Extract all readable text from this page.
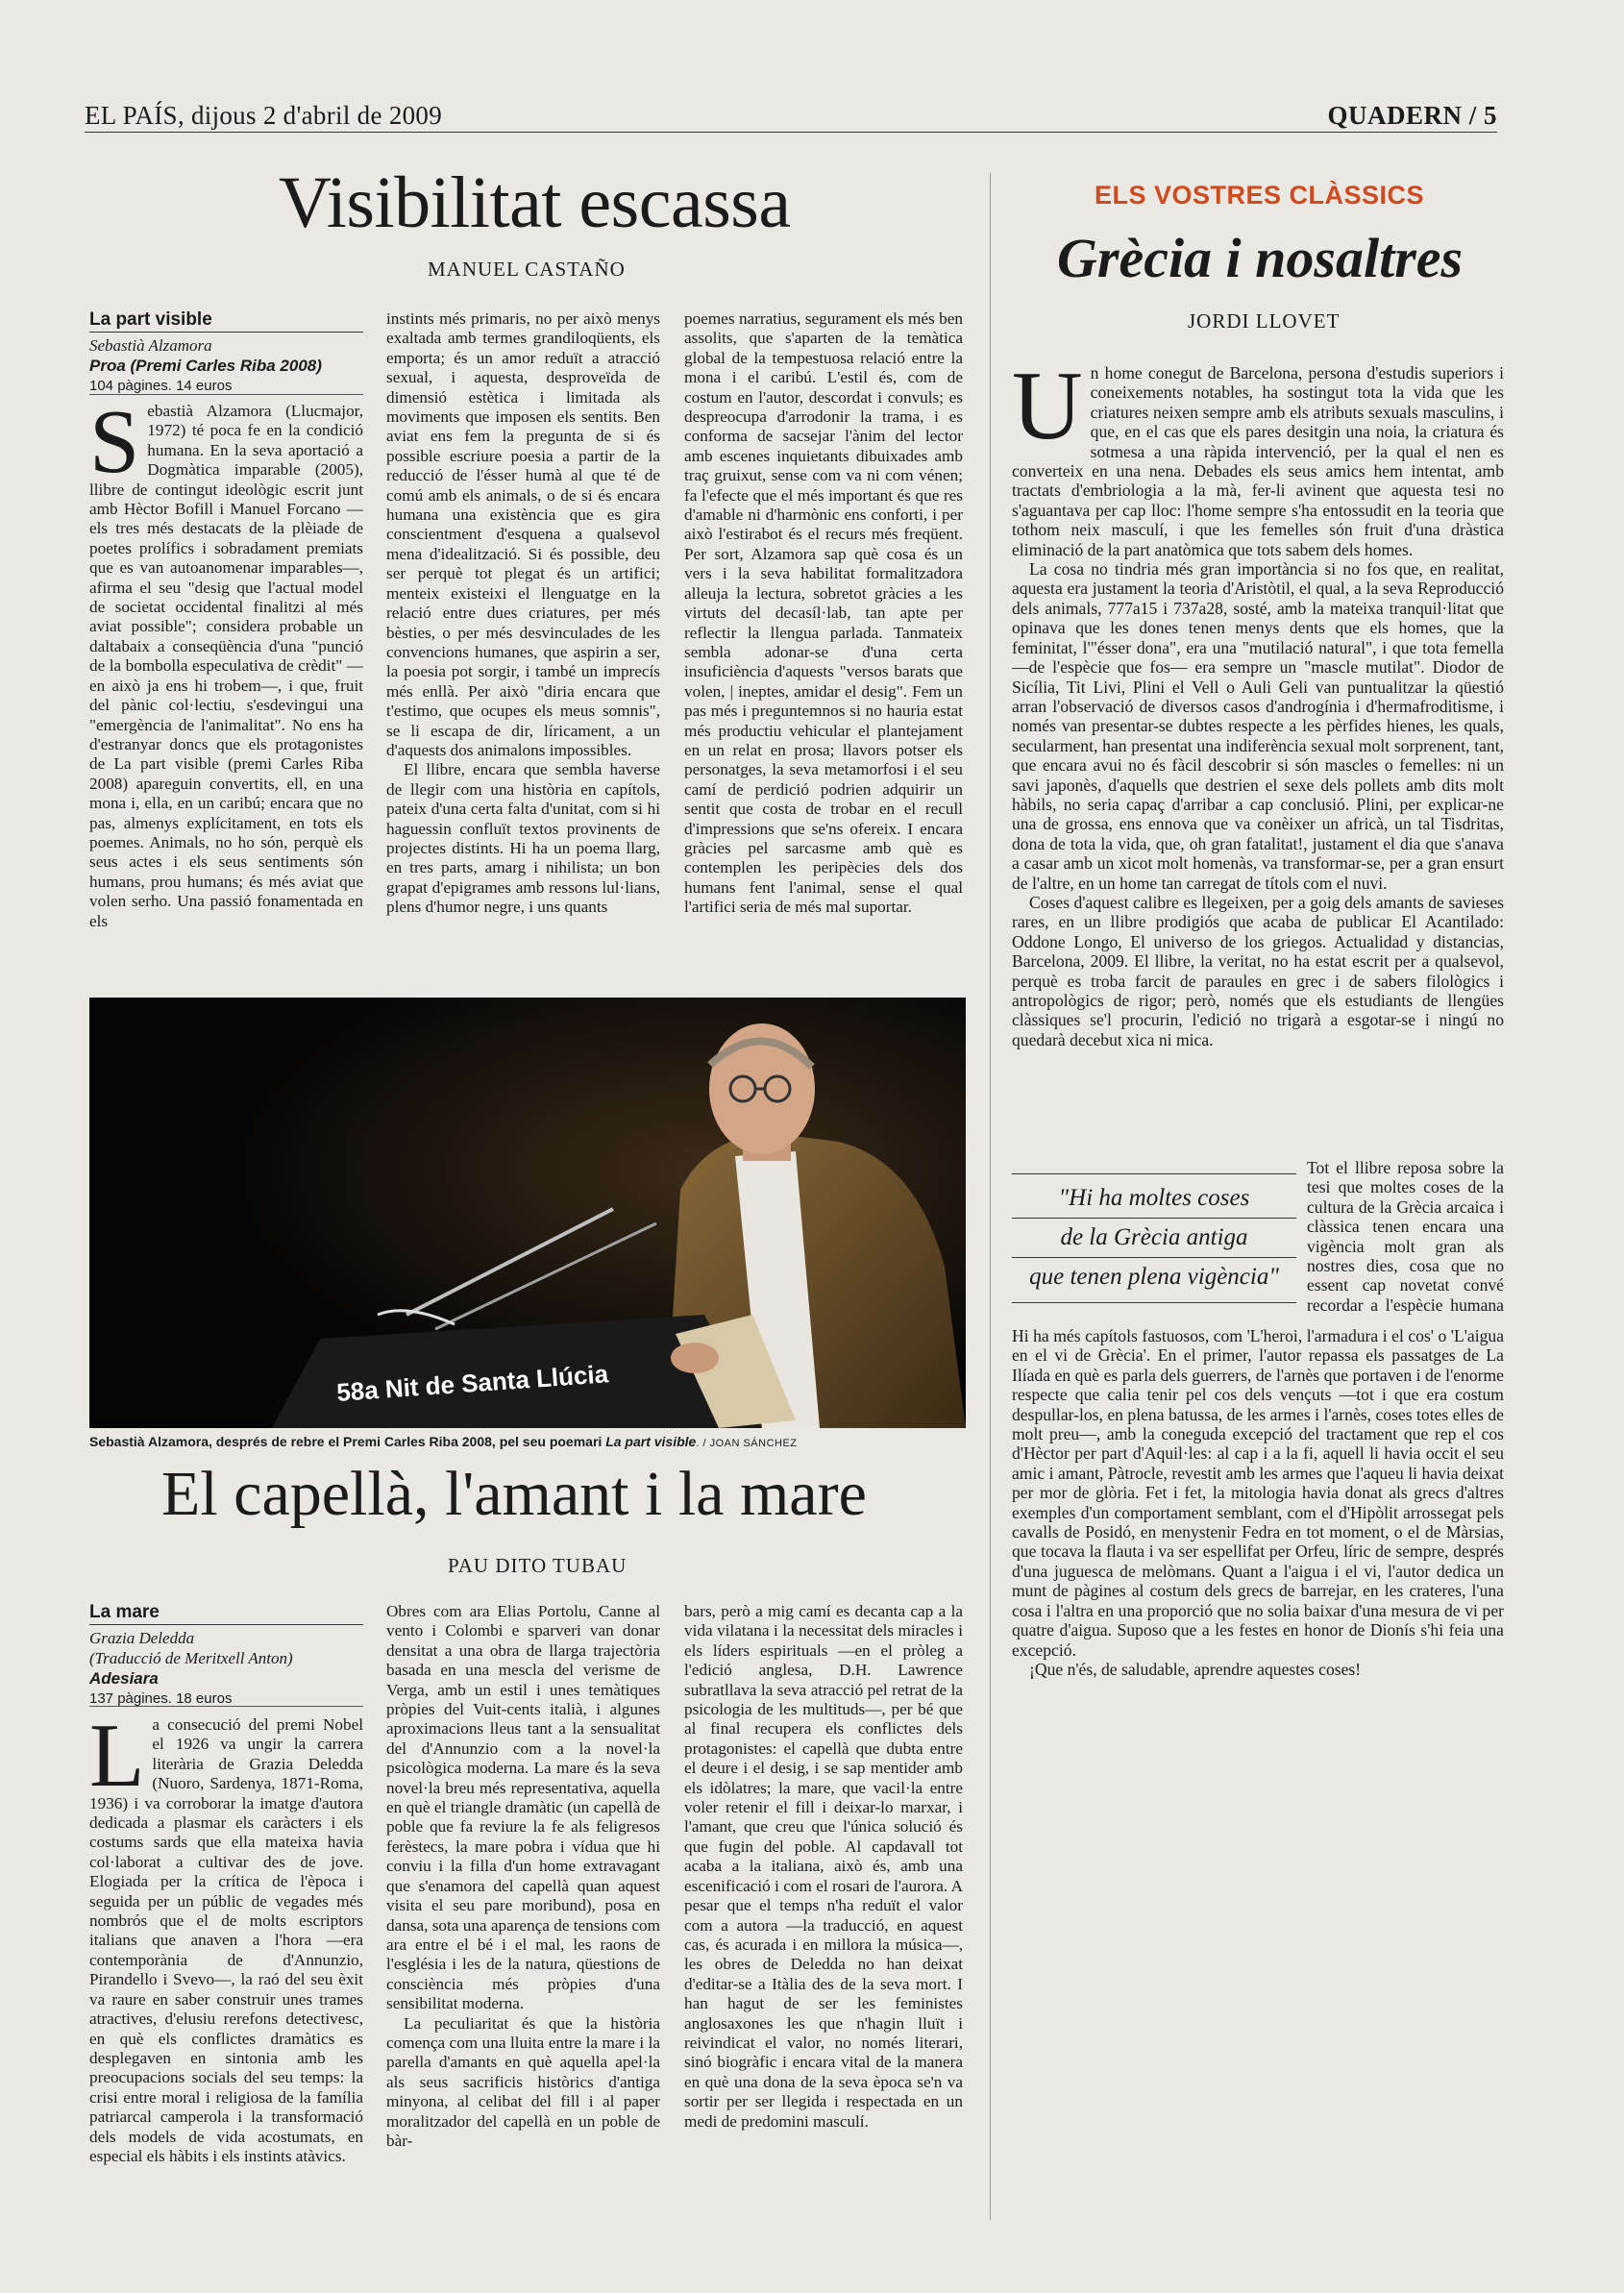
EL PAÍS, dijous 2 d'abril de 2009	QUADERN / 5
Visibilitat escassa
MANUEL CASTAÑO
La part visible
Sebastià Alzamora
Proa (Premi Carles Riba 2008)
104 pàgines. 14 euros
S ebastià Alzamora (Llucmajor, 1972) té poca fe en la condició humana. En la seva aportació a Dogmàtica imparable (2005), llibre de contingut ideològic escrit junt amb Hèctor Bofill i Manuel Forcano —els tres més destacats de la plèiade de poetes prolífics i sobradament premiats que es van autoanomenar imparables—, afirma el seu "desig que l'actual model de societat occidental finalitzi al més aviat possible"; considera probable un daltabaix a conseqüència d'una "punció de la bombolla especulativa de crèdit" —en això ja ens hi trobem—, i que, fruit del pànic col·lectiu, s'esdevingui una "emergència de l'animalitat". No ens ha d'estranyar doncs que els protagonistes de La part visible (premi Carles Riba 2008) apareguin convertits, ell, en una mona i, ella, en un caribú; encara que no pas, almenys explícitament, en tots els poemes. Animals, no ho són, perquè els seus actes i els seus sentiments són humans, prou humans; és més aviat que volen serho. Una passió fonamentada en els

instints més primaris, no per això menys exaltada amb termes grandiloqüents, els emporta; és un amor reduït a atracció sexual, i aquesta, desproveïda de dimensió estètica i limitada als moviments que imposen els sentits. Ben aviat ens fem la pregunta de si és possible escriure poesia a partir de la reducció de l'ésser humà al que té de comú amb els animals, o de si és encara humana una existència que es gira conscientment d'esquena a qualsevol mena d'idealització. Si és possible, deu ser perquè tot plegat és un artifici; menteix existeixi el llenguatge en la relació entre dues criatures, per més bèsties, o per més desvinculades de les convencions humanes, que aspirin a ser, la poesia pot sorgir, i també un imprecís més enllà. Per això "diria encara que t'estimo, que ocupes els meus somnis", se li escapa de dir, líricament, a un d'aquests dos animalons impossibles.

El llibre, encara que sembla haverse de llegir com una història en capítols, pateix d'una certa falta d'unitat, com si hi haguessin confluït textos provinents de projectes distints. Hi ha un poema llarg, en tres parts, amarg i nihilista; un bon grapat d'epigrames amb ressons lul·lians, plens d'humor negre, i uns quants

poemes narratius, segurament els més ben assolits, que s'aparten de la temàtica global de la tempestuosa relació entre la mona i el caribú. L'estil és, com de costum en l'autor, descordat i convuls; es despreocupa d'arrodonir la trama, i es conforma de sacsejar l'ànim del lector amb escenes inquietants dibuixades amb traç gruixut, sense com va ni com vénen; fa l'efecte que el més important és que res d'amable ni d'harmònic ens conforti, i per això l'estirabot és el recurs més freqüent. Per sort, Alzamora sap què cosa és un vers i la seva habilitat formalitzadora alleuja la lectura, sobretot gràcies a les virtuts del decasíl·lab, tan apte per reflectir la llengua parlada. Tanmateix sembla adonar-se d'una certa insuficiència d'aquests "versos barats que volen, | ineptes, amidar el desig". Fem un pas més i preguntemnos si no hauria estat més productiu vehicular el plantejament en un relat en prosa; llavors potser els personatges, la seva metamorfosi i el seu camí de perdició podrien adquirir un sentit que costa de trobar en el recull d'impressions que se'ns ofereix. I encara gràcies pel sarcasme amb què es contemplen les peripècies dels dos humans fent l'animal, sense el qual l'artifici seria de més mal suportar.

58a Nit de Santa Llúcia
Sebastià Alzamora, després de rebre el Premi Carles Riba 2008, pel seu poemari La part visible. / JOAN SÁNCHEZ
El capellà, l'amant i la mare
PAU DITO TUBAU
La mare
Grazia Deledda
(Traducció de Meritxell Anton)
Adesiara
137 pàgines. 18 euros
L a consecució del premi Nobel el 1926 va ungir la carrera literària de Grazia Deledda (Nuoro, Sardenya, 1871-Roma, 1936) i va corroborar la imatge d'autora dedicada a plasmar els caràcters i els costums sards que ella mateixa havia col·laborat a cultivar des de jove. Elogiada per la crítica de l'època i seguida per un públic de vegades més nombrós que el de molts escriptors italians que anaven a l'hora —era contemporània de d'Annunzio, Pirandello i Svevo—, la raó del seu èxit va raure en saber construir unes trames atractives, d'elusiu rerefons detectivesc, en què els conflictes dramàtics es desplegaven en sintonia amb les preocupacions socials del seu temps: la crisi entre moral i religiosa de la família patriarcal camperola i la transformació dels models de vida acostumats, en especial els hàbits i els instints atàvics.

Obres com ara Elias Portolu, Canne al vento i Colombi e sparveri van donar densitat a una obra de llarga trajectòria basada en una mescla del verisme de Verga, amb un estil i unes temàtiques pròpies del Vuit-cents italià, i algunes aproximacions lleus tant a la sensualitat del d'Annunzio com a la novel·la psicològica moderna. La mare és la seva novel·la breu més representativa, aquella en què el triangle dramàtic (un capellà de poble que fa reviure la fe als feligresos ferèstecs, la mare pobra i vídua que hi conviu i la filla d'un home extravagant que s'enamora del capellà quan aquest visita el seu pare moribund), posa en dansa, sota una aparença de tensions com ara entre el bé i el mal, les raons de l'església i les de la natura, qüestions de consciència més pròpies d'una sensibilitat moderna.

La peculiaritat és que la història comença com una lluita entre la mare i la parella d'amants en què aquella apel·la als seus sacrificis històrics d'antiga minyona, al celibat del fill i al paper moralitzador del capellà en un poble de bàr-

bars, però a mig camí es decanta cap a la vida vilatana i la necessitat dels miracles i els líders espirituals —en el pròleg a l'edició anglesa, D.H. Lawrence subratllava la seva atracció pel retrat de la psicologia de les multituds—, per bé que al final recupera els conflictes dels protagonistes: el capellà que dubta entre el deure i el desig, i se sap mentider amb els idòlatres; la mare, que vacil·la entre voler retenir el fill i deixar-lo marxar, i l'amant, que creu que l'única solució és que fugin del poble. Al capdavall tot acaba a la italiana, això és, amb una escenificació i com el rosari de l'aurora. A pesar que el temps n'ha reduït el valor com a autora —la traducció, en aquest cas, és acurada i en millora la música—, les obres de Deledda no han deixat d'editar-se a Itàlia des de la seva mort. I han hagut de ser les feministes anglosaxones les que n'hagin lluït i reivindicat el valor, no només literari, sinó biogràfic i encara vital de la manera en què una dona de la seva època se'n va sortir per ser llegida i respectada en un medi de predomini masculí.

ELS VOSTRES CLÀSSICS
Grècia i nosaltres
JORDI LLOVET
U n home conegut de Barcelona, persona d'estudis superiors i coneixements notables, ha sostingut tota la vida que les criatures neixen sempre amb els atributs sexuals masculins, i que, en el cas que els pares desitgin una noia, la criatura és sotmesa a una ràpida intervenció, per la qual el nen es converteix en una nena. Debades els seus amics hem intentat, amb tractats d'embriologia a la mà, fer-li avinent que aquesta tesi no s'aguantava per cap lloc: l'home sempre s'ha entossudit en la teoria que tothom neix masculí, i que les femelles són fruit d'una dràstica eliminació de la part anatòmica que tots sabem dels homes.

La cosa no tindria més gran importància si no fos que, en realitat, aquesta era justament la teoria d'Aristòtil, el qual, a la seva Reproducció dels animals, 777a15 i 737a28, sosté, amb la mateixa tranquil·litat que opinava que les dones tenen menys dents que els homes, que la feminitat, l'"ésser dona", era una "mutilació natural", i que tota femella —de l'espècie que fos— era sempre un "mascle mutilat". Diodor de Sicília, Tit Livi, Plini el Vell o Auli Geli van puntualitzar la qüestió arran l'observació de diversos casos d'androgínia i d'hermafroditisme, i només van presentar-se dubtes respecte a les pèrfides hienes, les quals, secularment, han presentat una indiferència sexual molt sorprenent, tant, que encara avui no és fàcil descobrir si són mascles o femelles: ni un savi japonès, d'aquells que destrien el sexe dels pollets amb dits molt hàbils, no seria capaç d'arribar a cap conclusió. Plini, per explicar-ne una de grossa, ens ennova que va conèixer un africà, un tal Tisdritas, dona de tota la vida, que, oh gran fatalitat!, justament el dia que s'anava a casar amb un xicot molt homenàs, va transformar-se, per a gran ensurt de l'altre, en un home tan carregat de títols com el nuvi.

Coses d'aquest calibre es llegeixen, per a goig dels amants de savieses rares, en un llibre prodigiós que acaba de publicar El Acantilado: Oddone Longo, El universo de los griegos. Actualidad y distancias, Barcelona, 2009. El llibre, la veritat, no ha estat escrit per a qualsevol, perquè es troba farcit de paraules en grec i de sabers filològics i antropològics de rigor; però, només que els estudiants de llengües clàssiques se'l procurin, l'edició no trigarà a esgotar-se i ningú no quedarà decebut xica ni mica.

"Hi ha moltes coses
de la Grècia antiga
que tenen plena vigència"

Tot el llibre reposa sobre la tesi que moltes coses de la cultura de la Grècia arcaica i clàssica tenen encara una vigència molt gran als nostres dies, cosa que no essent cap novetat convé recordar a l'espècie humana

Hi ha més capítols fastuosos, com 'L'heroi, l'armadura i el cos' o 'L'aigua en el vi de Grècia'. En el primer, l'autor repassa els passatges de La Ilíada en què es parla dels guerrers, de l'arnès que portaven i de l'enorme respecte que calia tenir pel cos dels vençuts —tot i que era costum despullar-los, en plena batussa, de les armes i l'arnès, coses totes elles de molt preu—, amb la coneguda excepció del tractament que rep el cos d'Hèctor per part d'Aquil·les: al cap i a la fi, aquell li havia occit el seu amic i amant, Pàtrocle, revestit amb les armes que l'aqueu li havia deixat per mor de glòria. Fet i fet, la mitologia havia donat als grecs d'altres exemples d'un comportament semblant, com el d'Hipòlit arrossegat pels cavalls de Posidó, en menystenir Fedra en tot moment, o el de Màrsias, que tocava la flauta i va ser espellifat per Orfeu, líric de sempre, després d'una juguesca de melòmans. Quant a l'aigua i el vi, l'autor dedica un munt de pàgines al costum dels grecs de barrejar, en les crateres, l'una cosa i l'altra en una proporció que no solia baixar d'una mesura de vi per quatre d'aigua. Suposo que a les festes en honor de Dionís s'hi feia una excepció.

¡Que n'és, de saludable, aprendre aquestes coses!
